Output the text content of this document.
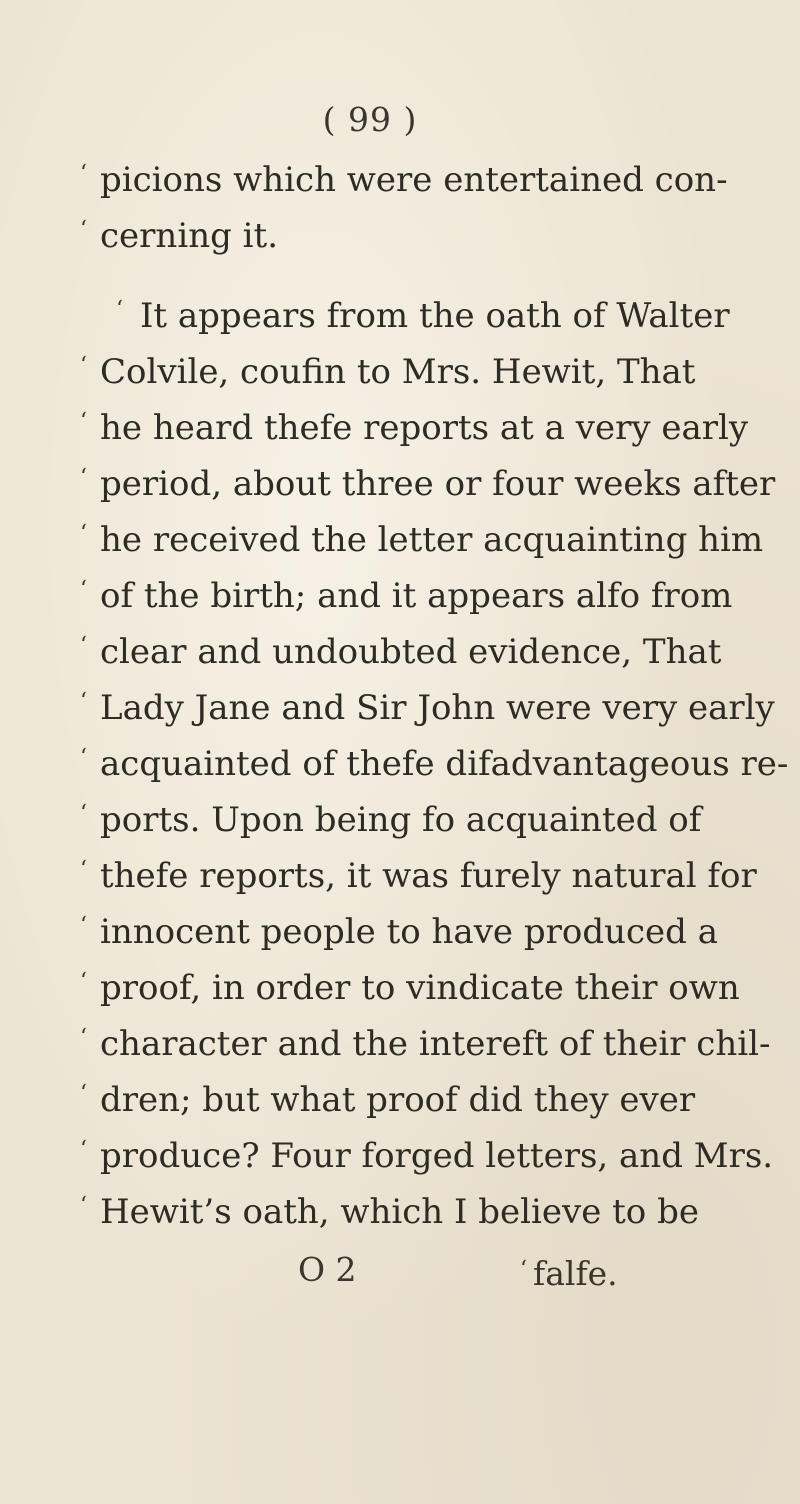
( 99 )
‘ picions which were entertained con-
‘ cerning it.
‘ It appears from the oath of Walter
‘ Colvile, coufin to Mrs. Hewit, That
‘ he heard thefe reports at a very early
‘ period, about three or four weeks after
‘ he received the letter acquainting him
‘ of the birth; and it appears alfo from
‘ clear and undoubted evidence, That
‘ Lady Jane and Sir John were very early
‘ acquainted of thefe difadvantageous re-
‘ ports. Upon being fo acquainted of
‘ thefe reports, it was furely natural for
‘ innocent people to have produced a
‘ proof, in order to vindicate their own
‘ character and the intereft of their chil-
‘ dren; but what proof did they ever
‘ produce? Four forged letters, and Mrs.
‘ Hewit’s oath, which I believe to be
O 2	‘ falfe.
